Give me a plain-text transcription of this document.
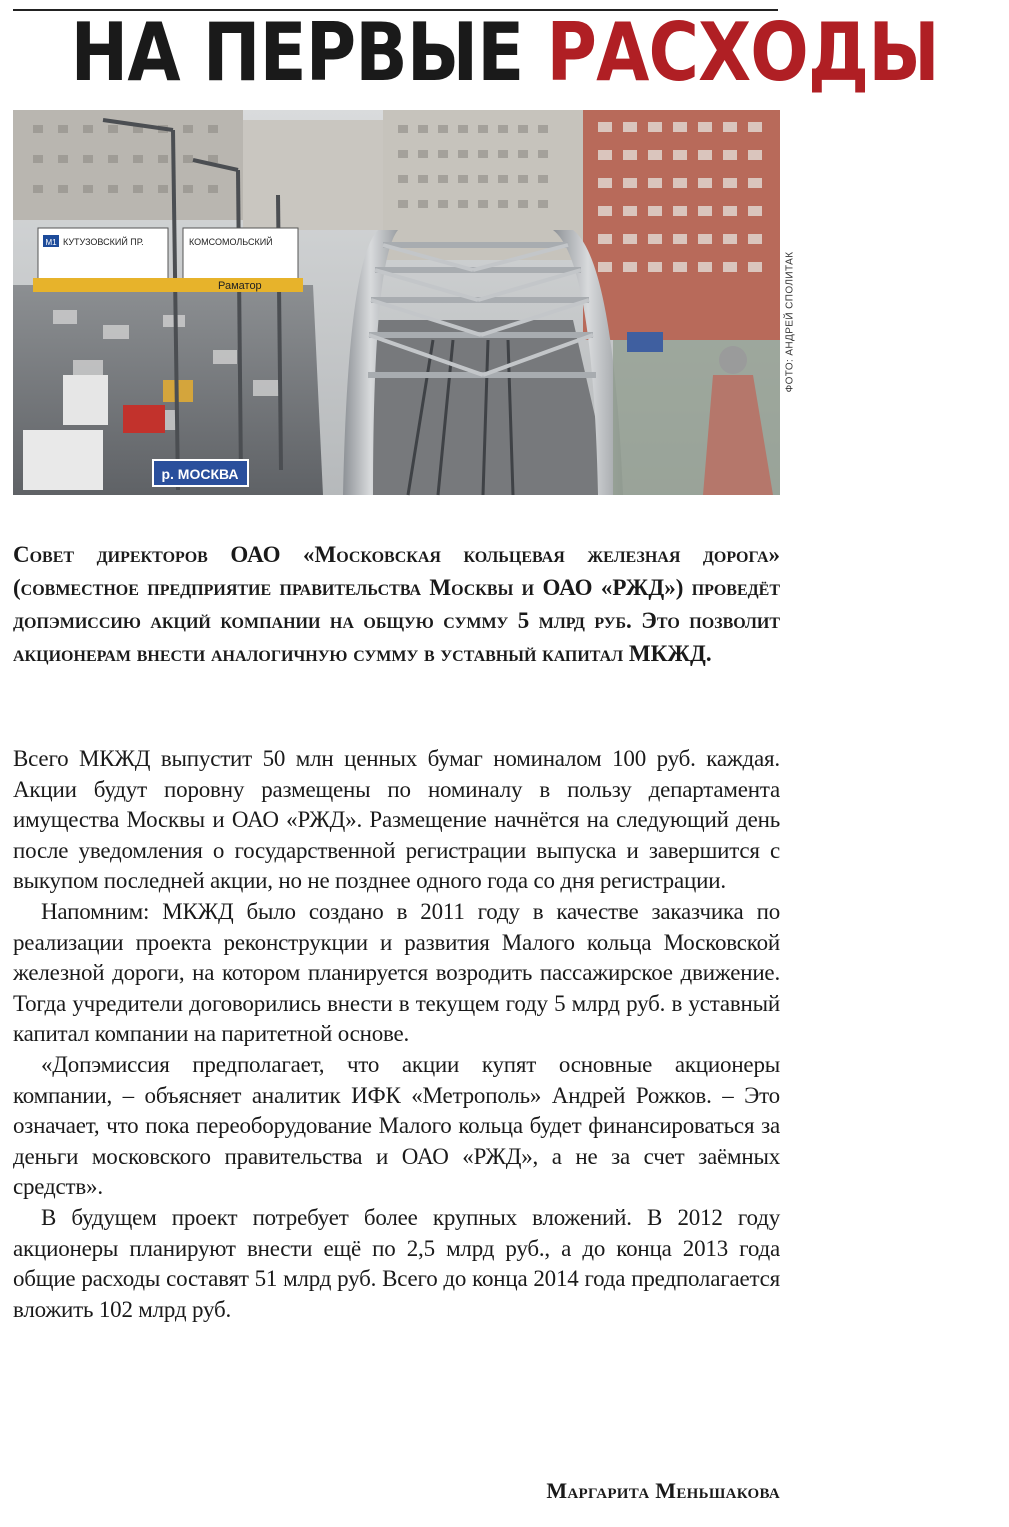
НА ПЕРВЫЕ РАСХОДЫ
М1 КУТУЗОВСКИЙ ПР.	КОМСОМОЛЬСКИЙ
Раматор
р. МОСКВА
ФОТО: АНДРЕЙ СПОЛИТАК

Совет директоров ОАО «Московская кольцевая железная дорога» (совместное предприятие правительства Москвы и ОАО «РЖД») проведёт допэмиссию акций компании на общую сумму 5 млрд руб. Это позволит акционерам внести аналогичную сумму в уставный капитал МКЖД.

Всего МКЖД выпустит 50 млн ценных бумаг номиналом 100 руб. каждая. Акции будут поровну размещены по номиналу в пользу департамента имущества Москвы и ОАО «РЖД». Размещение начнётся на следующий день после уведомления о государственной регистрации выпуска и завершится с выкупом последней акции, но не позднее одного года со дня регистрации.

Напомним: МКЖД было создано в 2011 году в качестве заказчика по реализации проекта реконструкции и развития Малого кольца Московской железной дороги, на котором планируется возродить пассажирское движение. Тогда учредители договорились внести в текущем году 5 млрд руб. в уставный капитал компании на паритетной основе.

«Допэмиссия предполагает, что акции купят основные акционеры компании, – объясняет аналитик ИФК «Метрополь» Андрей Рожков. – Это означает, что пока переоборудование Малого кольца будет финансироваться за деньги московского правительства и ОАО «РЖД», а не за счет заёмных средств».

В будущем проект потребует более крупных вложений. В 2012 году акционеры планируют внести ещё по 2,5 млрд руб., а до конца 2013 года общие расходы составят 51 млрд руб. Всего до конца 2014 года предполагается вложить 102 млрд руб.

Маргарита Меньшакова
